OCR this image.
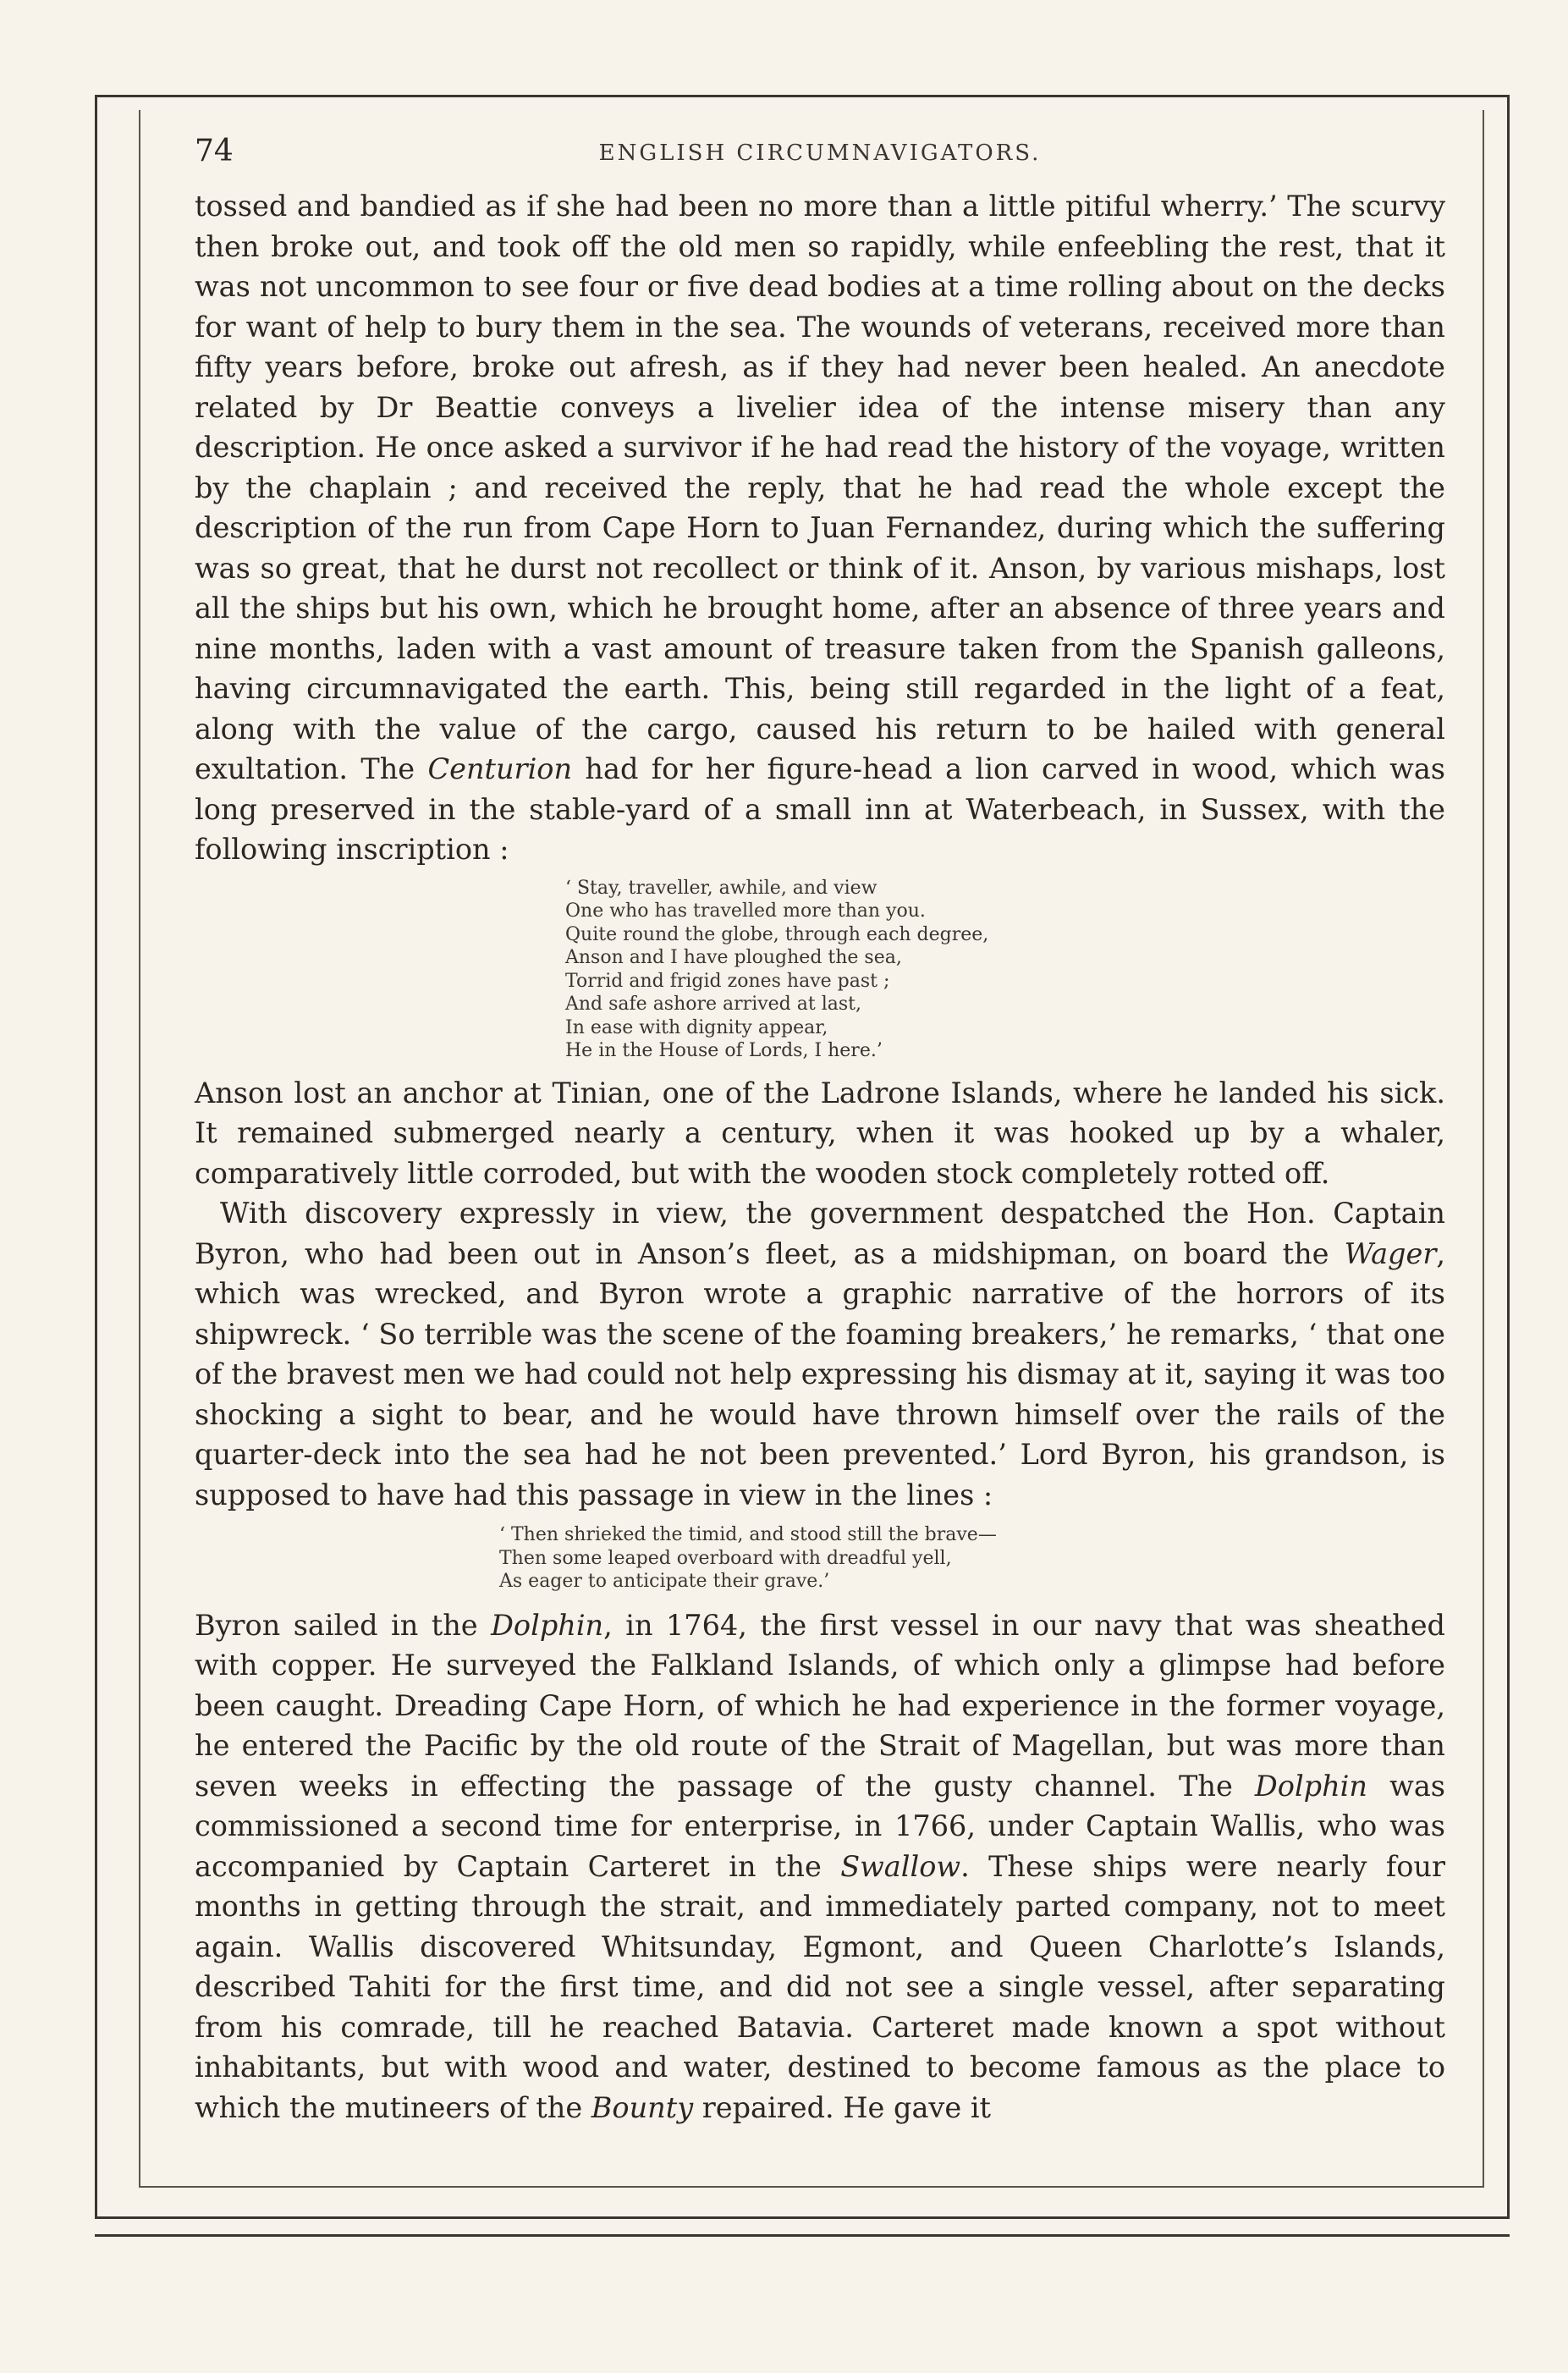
74	ENGLISH CIRCUMNAVIGATORS.

tossed and bandied as if she had been no more than a little pitiful wherry.’ The scurvy then broke out, and took off the old men so rapidly, while enfeebling the rest, that it was not uncommon to see four or five dead bodies at a time rolling about on the decks for want of help to bury them in the sea. The wounds of veterans, received more than fifty years before, broke out afresh, as if they had never been healed. An anecdote related by Dr Beattie conveys a livelier idea of the intense misery than any description. He once asked a survivor if he had read the history of the voyage, written by the chaplain ; and received the reply, that he had read the whole except the description of the run from Cape Horn to Juan Fernandez, during which the suffering was so great, that he durst not recollect or think of it. Anson, by various mishaps, lost all the ships but his own, which he brought home, after an absence of three years and nine months, laden with a vast amount of treasure taken from the Spanish galleons, having circumnavigated the earth. This, being still regarded in the light of a feat, along with the value of the cargo, caused his return to be hailed with general exultation. The Centurion had for her figure-head a lion carved in wood, which was long preserved in the stable-yard of a small inn at Waterbeach, in Sussex, with the following inscription :

‘ Stay, traveller, awhile, and view
One who has travelled more than you.
Quite round the globe, through each degree,
Anson and I have ploughed the sea,
Torrid and frigid zones have past ;
And safe ashore arrived at last,
In ease with dignity appear,
He in the House of Lords, I here.’

Anson lost an anchor at Tinian, one of the Ladrone Islands, where he landed his sick. It remained submerged nearly a century, when it was hooked up by a whaler, comparatively little corroded, but with the wooden stock completely rotted off.

With discovery expressly in view, the government despatched the Hon. Captain Byron, who had been out in Anson’s fleet, as a midshipman, on board the Wager, which was wrecked, and Byron wrote a graphic narrative of the horrors of its shipwreck. ‘ So terrible was the scene of the foaming breakers,’ he remarks, ‘ that one of the bravest men we had could not help expressing his dismay at it, saying it was too shocking a sight to bear, and he would have thrown himself over the rails of the quarter-deck into the sea had he not been prevented.’ Lord Byron, his grandson, is supposed to have had this passage in view in the lines :

‘ Then shrieked the timid, and stood still the brave—
Then some leaped overboard with dreadful yell,
As eager to anticipate their grave.’

Byron sailed in the Dolphin, in 1764, the first vessel in our navy that was sheathed with copper. He surveyed the Falkland Islands, of which only a glimpse had before been caught. Dreading Cape Horn, of which he had experience in the former voyage, he entered the Pacific by the old route of the Strait of Magellan, but was more than seven weeks in effecting the passage of the gusty channel. The Dolphin was commissioned a second time for enterprise, in 1766, under Captain Wallis, who was accompanied by Captain Carteret in the Swallow. These ships were nearly four months in getting through the strait, and immediately parted company, not to meet again. Wallis discovered Whitsunday, Egmont, and Queen Charlotte’s Islands, described Tahiti for the first time, and did not see a single vessel, after separating from his comrade, till he reached Batavia. Carteret made known a spot without inhabitants, but with wood and water, destined to become famous as the place to which the mutineers of the Bounty repaired. He gave it
